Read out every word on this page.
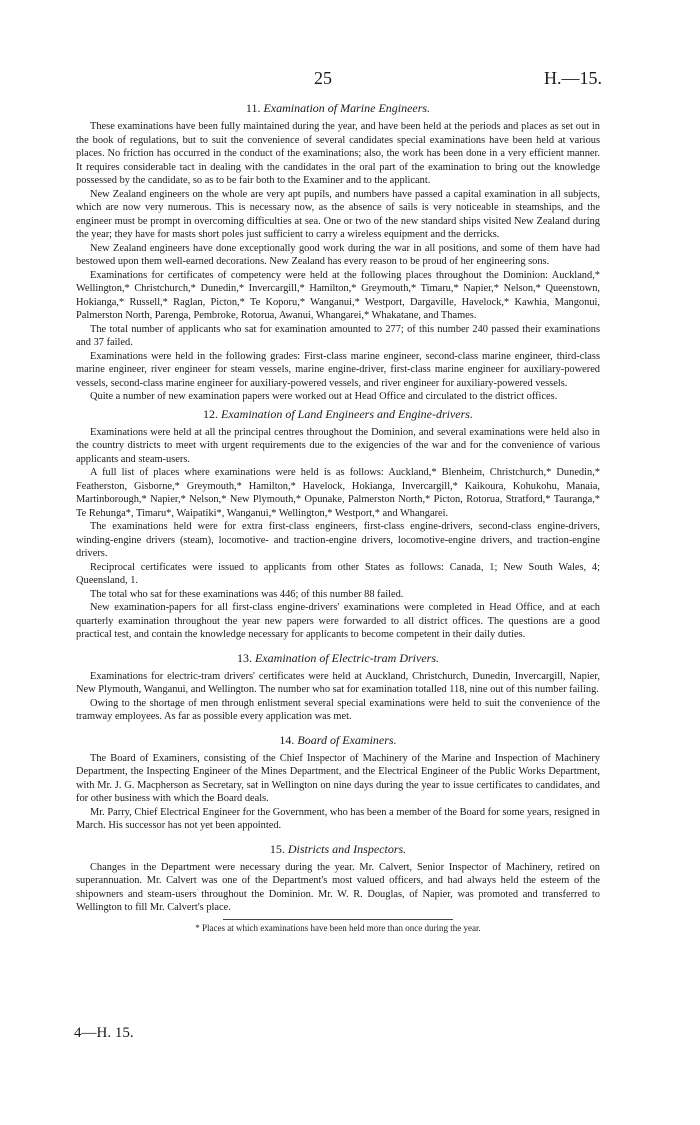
25	H.—15.
11. Examination of Marine Engineers.

These examinations have been fully maintained during the year, and have been held at the periods and places as set out in the book of regulations, but to suit the convenience of several candidates special examinations have been held at various places. No friction has occurred in the conduct of the examinations; also, the work has been done in a very efficient manner. It requires considerable tact in dealing with the candidates in the oral part of the examination to bring out the knowledge possessed by the candidate, so as to be fair both to the Examiner and to the applicant.

New Zealand engineers on the whole are very apt pupils, and numbers have passed a capital examination in all subjects, which are now very numerous. This is necessary now, as the absence of sails is very noticeable in steamships, and the engineer must be prompt in overcoming difficulties at sea. One or two of the new standard ships visited New Zealand during the year; they have for masts short poles just sufficient to carry a wireless equipment and the derricks.

New Zealand engineers have done exceptionally good work during the war in all positions, and some of them have had bestowed upon them well-earned decorations. New Zealand has every reason to be proud of her engineering sons.

Examinations for certificates of competency were held at the following places throughout the Dominion: Auckland,* Wellington,* Christchurch,* Dunedin,* Invercargill,* Hamilton,* Greymouth,* Timaru,* Napier,* Nelson,* Queenstown, Hokianga,* Russell,* Raglan, Picton,* Te Koporu,* Wanganui,* Westport, Dargaville, Havelock,* Kawhia, Mangonui, Palmerston North, Parenga, Pembroke, Rotorua, Awanui, Whangarei,* Whakatane, and Thames.

The total number of applicants who sat for examination amounted to 277; of this number 240 passed their examinations and 37 failed.

Examinations were held in the following grades: First-class marine engineer, second-class marine engineer, third-class marine engineer, river engineer for steam vessels, marine engine-driver, first-class marine engineer for auxiliary-powered vessels, second-class marine engineer for auxiliary-powered vessels, and river engineer for auxiliary-powered vessels.

Quite a number of new examination papers were worked out at Head Office and circulated to the district offices.

12. Examination of Land Engineers and Engine-drivers.

Examinations were held at all the principal centres throughout the Dominion, and several examinations were held also in the country districts to meet with urgent requirements due to the exigencies of the war and for the convenience of various applicants and steam-users.

A full list of places where examinations were held is as follows: Auckland,* Blenheim, Christchurch,* Dunedin,* Featherston, Gisborne,* Greymouth,* Hamilton,* Havelock, Hokianga, Invercargill,* Kaikoura, Kohukohu, Manaia, Martinborough,* Napier,* Nelson,* New Plymouth,* Opunake, Palmerston North,* Picton, Rotorua, Stratford,* Tauranga,* Te Rehunga*, Timaru*, Waipatiki*, Wanganui,* Wellington,* Westport,* and Whangarei.

The examinations held were for extra first-class engineers, first-class engine-drivers, second-class engine-drivers, winding-engine drivers (steam), locomotive- and traction-engine drivers, locomotive-engine drivers, and traction-engine drivers.

Reciprocal certificates were issued to applicants from other States as follows: Canada, 1; New South Wales, 4; Queensland, 1.

The total who sat for these examinations was 446; of this number 88 failed.

New examination-papers for all first-class engine-drivers' examinations were completed in Head Office, and at each quarterly examination throughout the year new papers were forwarded to all district offices. The questions are a good practical test, and contain the knowledge necessary for applicants to become competent in their daily duties.

13. Examination of Electric-tram Drivers.

Examinations for electric-tram drivers' certificates were held at Auckland, Christchurch, Dunedin, Invercargill, Napier, New Plymouth, Wanganui, and Wellington. The number who sat for examination totalled 118, nine out of this number failing.

Owing to the shortage of men through enlistment several special examinations were held to suit the convenience of the tramway employees. As far as possible every application was met.

14. Board of Examiners.

The Board of Examiners, consisting of the Chief Inspector of Machinery of the Marine and Inspection of Machinery Department, the Inspecting Engineer of the Mines Department, and the Electrical Engineer of the Public Works Department, with Mr. J. G. Macpherson as Secretary, sat in Wellington on nine days during the year to issue certificates to candidates, and for other business with which the Board deals.

Mr. Parry, Chief Electrical Engineer for the Government, who has been a member of the Board for some years, resigned in March. His successor has not yet been appointed.

15. Districts and Inspectors.

Changes in the Department were necessary during the year. Mr. Calvert, Senior Inspector of Machinery, retired on superannuation. Mr. Calvert was one of the Department's most valued officers, and had always held the esteem of the shipowners and steam-users throughout the Dominion. Mr. W. R. Douglas, of Napier, was promoted and transferred to Wellington to fill Mr. Calvert's place.

* Places at which examinations have been held more than once during the year.
4—H. 15.
